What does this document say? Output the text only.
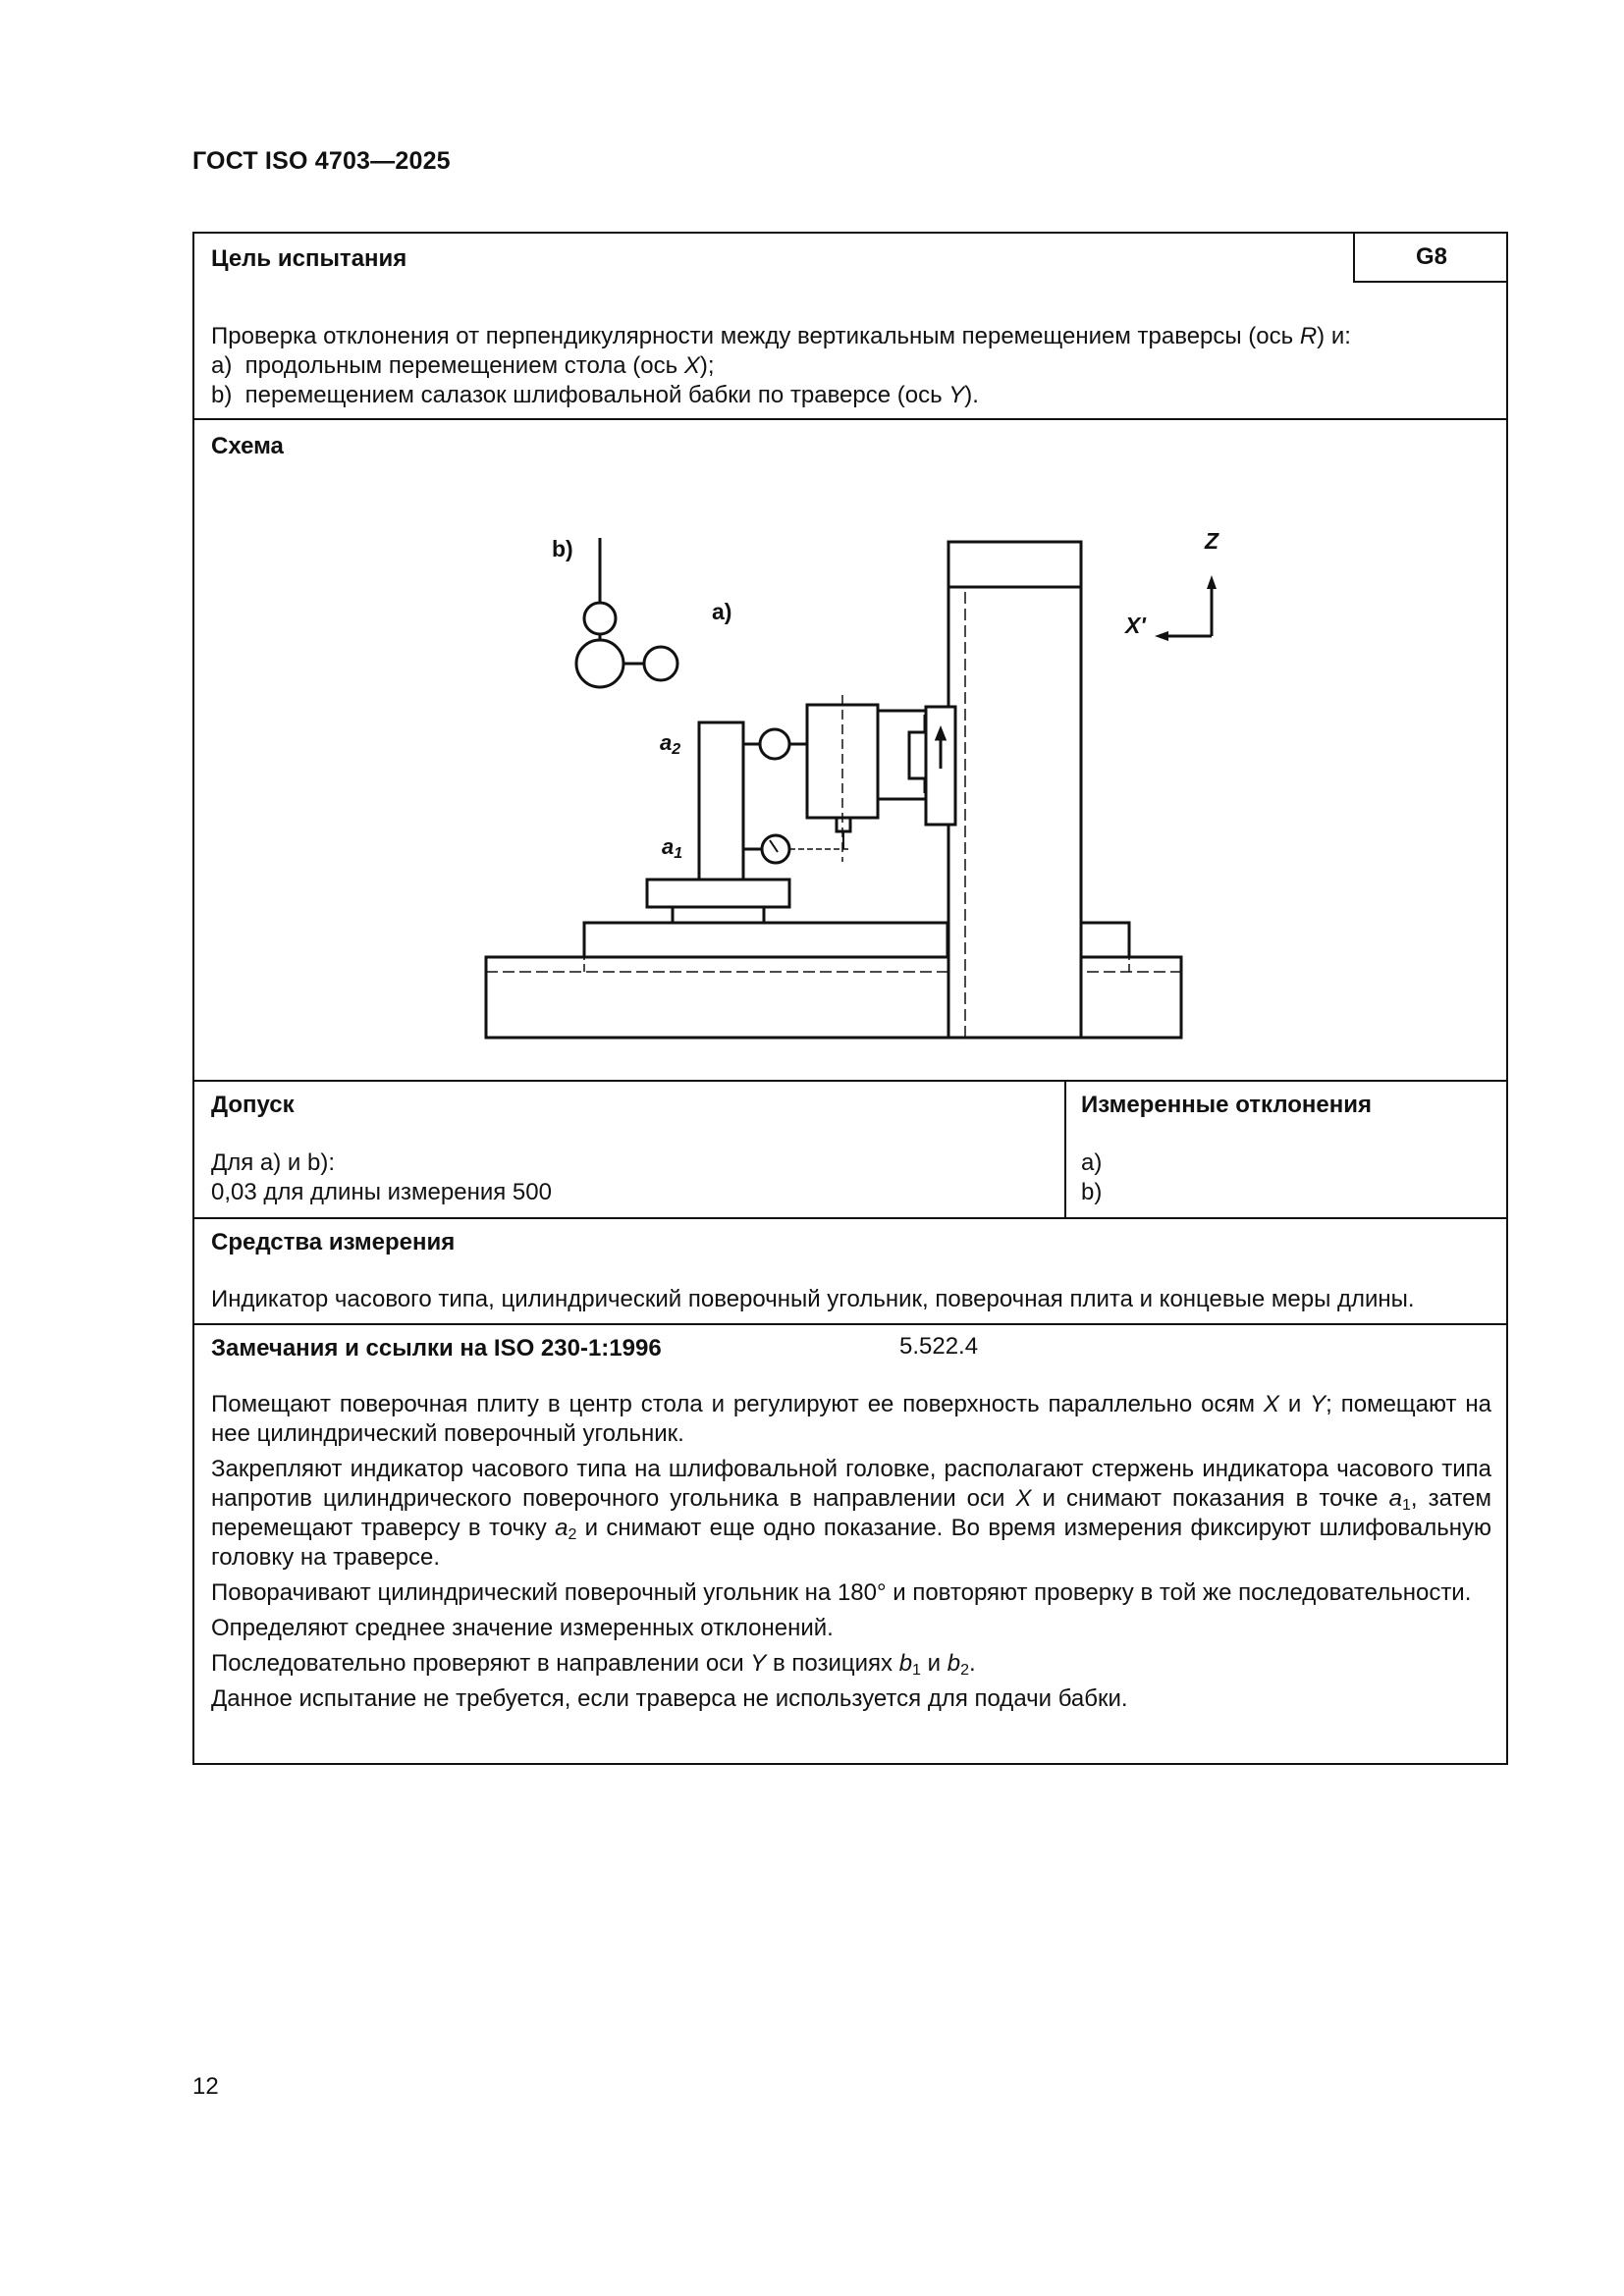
ГОСТ ISO 4703—2025
Цель испытания	G8
Проверка отклонения от перпендикулярности между вертикальным перемещением траверсы (ось R) и:
a)  продольным перемещением стола (ось X);
b)  перемещением салазок шлифовальной бабки по траверсе (ось Y).
Схема
b)
a)
$a_2$
$a_1$
Z
X'
Допуск
Для a) и b):
0,03 для длины измерения 500
Измеренные отклонения
a)
b)
Средства измерения
Индикатор часового типа, цилиндрический поверочный угольник, поверочная плита и концевые меры длины.
Замечания и ссылки на ISO 230-1:1996	5.522.4

Помещают поверочная плиту в центр стола и регулируют ее поверхность параллельно осям X и Y; помещают на нее цилиндрический поверочный угольник.

Закрепляют индикатор часового типа на шлифовальной головке, располагают стержень индикатора часового типа напротив цилиндрического поверочного угольника в направлении оси X и снимают показания в точке $a_1$, затем перемещают траверсу в точку $a_2$ и снимают еще одно показание. Во время измерения фиксируют шлифовальную головку на траверсе.

Поворачивают цилиндрический поверочный угольник на 180° и повторяют проверку в той же последовательности.

Определяют среднее значение измеренных отклонений.

Последовательно проверяют в направлении оси Y в позициях $b_1$ и $b_2$.

Данное испытание не требуется, если траверса не используется для подачи бабки.

12
